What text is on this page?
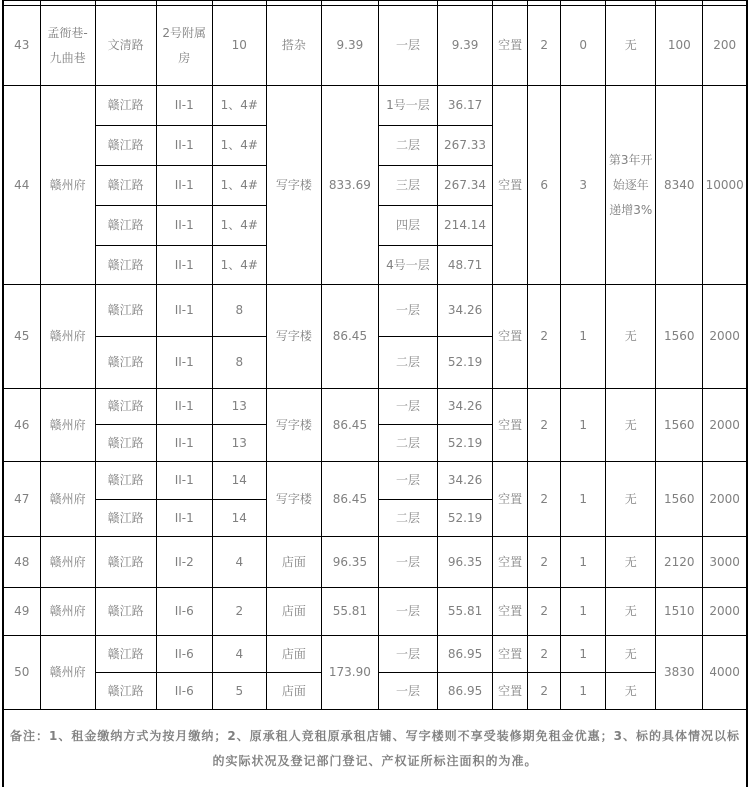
43	孟衙巷-九曲巷	文清路	2号附属房	10	搭杂	9.39	一层	9.39	空置	2	0	无	100	200
44	赣州府	赣江路	II-1	1、4#	写字楼	833.69	1号一层	36.17	空置	6	3	第3年开始逐年递增3%	8340	10000
		赣江路	II-1	1、4#			二层	267.33						
		赣江路	II-1	1、4#			三层	267.34						
		赣江路	II-1	1、4#			四层	214.14						
		赣江路	II-1	1、4#			4号一层	48.71						
45	赣州府	赣江路	II-1	8	写字楼	86.45	一层	34.26	空置	2	1	无	1560	2000
		赣江路	II-1	8			二层	52.19						
46	赣州府	赣江路	II-1	13	写字楼	86.45	一层	34.26	空置	2	1	无	1560	2000
		赣江路	II-1	13			二层	52.19						
47	赣州府	赣江路	II-1	14	写字楼	86.45	一层	34.26	空置	2	1	无	1560	2000
		赣江路	II-1	14			二层	52.19						
48	赣州府	赣江路	II-2	4	店面	96.35	一层	96.35	空置	2	1	无	2120	3000
49	赣州府	赣江路	II-6	2	店面	55.81	一层	55.81	空置	2	1	无	1510	2000
50	赣州府	赣江路	II-6	4	店面	173.90	一层	86.95	空置	2	1	无	3830	4000
		赣江路	II-6	5	店面		一层	86.95	空置	2	1	无		
备注：1、租金缴纳方式为按月缴纳；2、原承租人竞租原承租店铺、写字楼则不享受装修期免租金优惠；3、标的具体情况以标的实际状况及登记部门登记、产权证所标注面积的为准。														
